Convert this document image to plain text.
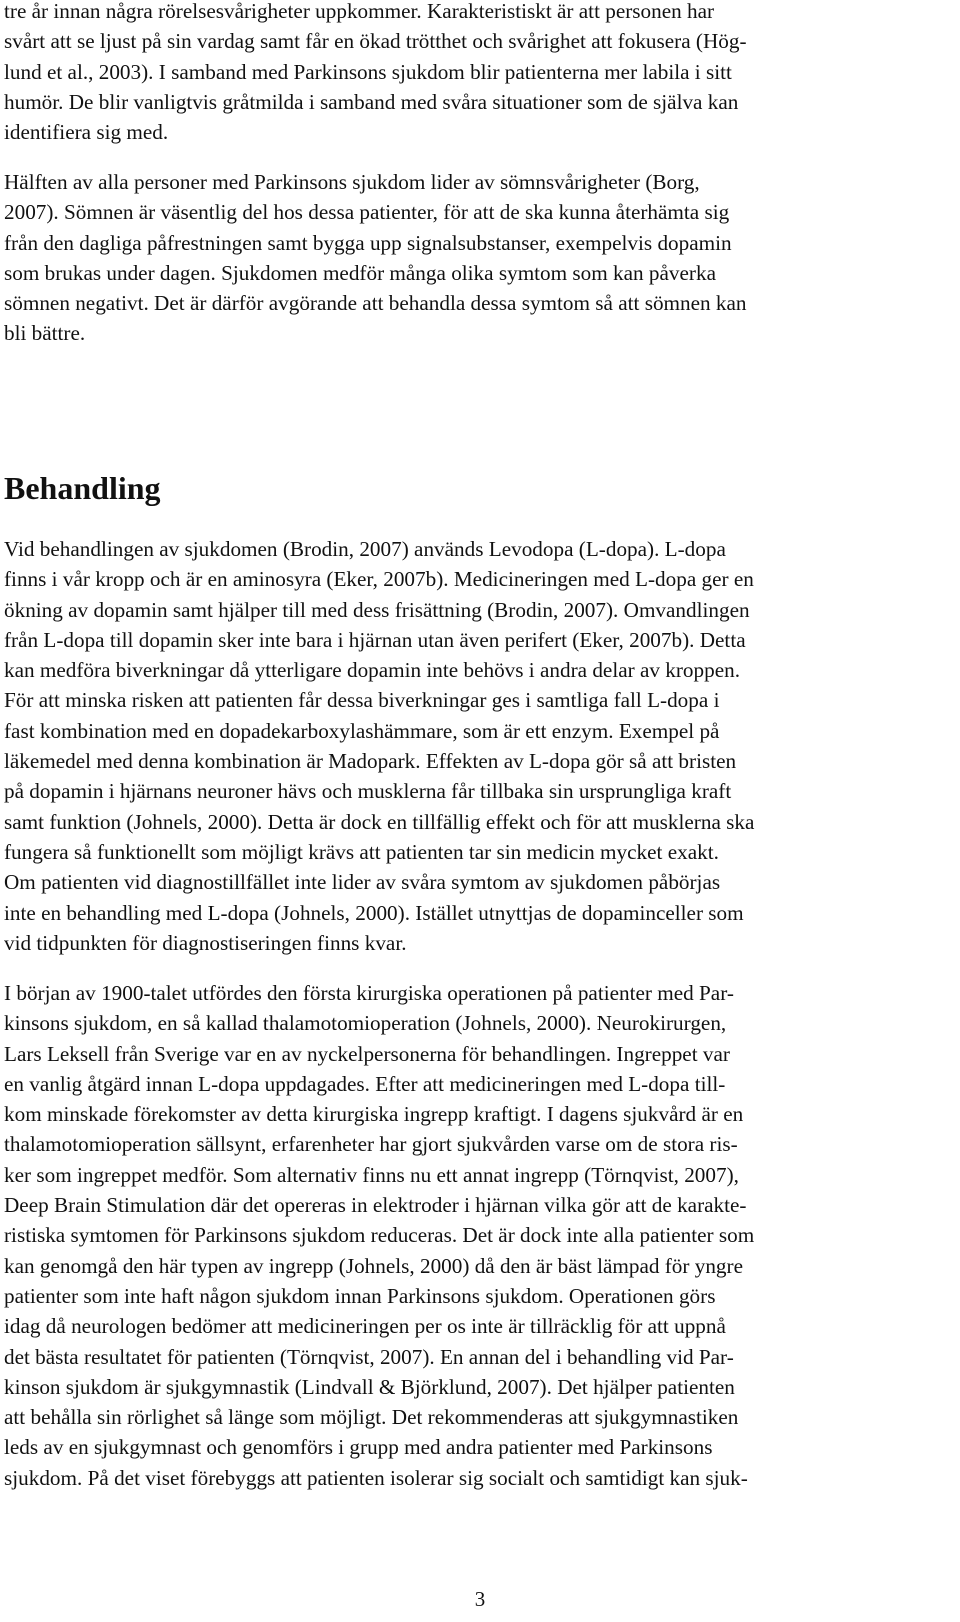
tre år innan några rörelsesvårigheter uppkommer. Karakteristiskt är att personen har
svårt att se ljust på sin vardag samt får en ökad trötthet och svårighet att fokusera (Hög-
lund et al., 2003). I samband med Parkinsons sjukdom blir patienterna mer labila i sitt
humör. De blir vanligtvis gråtmilda i samband med svåra situationer som de själva kan
identifiera sig med.

Hälften av alla personer med Parkinsons sjukdom lider av sömnsvårigheter (Borg,
2007). Sömnen är väsentlig del hos dessa patienter, för att de ska kunna återhämta sig
från den dagliga påfrestningen samt bygga upp signalsubstanser, exempelvis dopamin
som brukas under dagen. Sjukdomen medför många olika symtom som kan påverka
sömnen negativt. Det är därför avgörande att behandla dessa symtom så att sömnen kan
bli bättre.

Behandling

Vid behandlingen av sjukdomen (Brodin, 2007) används Levodopa (L-dopa). L-dopa
finns i vår kropp och är en aminosyra (Eker, 2007b). Medicineringen med L-dopa ger en
ökning av dopamin samt hjälper till med dess frisättning (Brodin, 2007). Omvandlingen
från L-dopa till dopamin sker inte bara i hjärnan utan även perifert (Eker, 2007b). Detta
kan medföra biverkningar då ytterligare dopamin inte behövs i andra delar av kroppen.
För att minska risken att patienten får dessa biverkningar ges i samtliga fall L-dopa i
fast kombination med en dopadekarboxylashämmare, som är ett enzym. Exempel på
läkemedel med denna kombination är Madopark. Effekten av L-dopa gör så att bristen
på dopamin i hjärnans neuroner hävs och musklerna får tillbaka sin ursprungliga kraft
samt funktion (Johnels, 2000). Detta är dock en tillfällig effekt och för att musklerna ska
fungera så funktionellt som möjligt krävs att patienten tar sin medicin mycket exakt.
Om patienten vid diagnostillfället inte lider av svåra symtom av sjukdomen påbörjas
inte en behandling med L-dopa (Johnels, 2000). Istället utnyttjas de dopaminceller som
vid tidpunkten för diagnostiseringen finns kvar.

I början av 1900-talet utfördes den första kirurgiska operationen på patienter med Par-
kinsons sjukdom, en så kallad thalamotomioperation (Johnels, 2000). Neurokirurgen,
Lars Leksell från Sverige var en av nyckelpersonerna för behandlingen. Ingreppet var
en vanlig åtgärd innan L-dopa uppdagades. Efter att medicineringen med L-dopa till-
kom minskade förekomster av detta kirurgiska ingrepp kraftigt. I dagens sjukvård är en
thalamotomioperation sällsynt, erfarenheter har gjort sjukvården varse om de stora ris-
ker som ingreppet medför. Som alternativ finns nu ett annat ingrepp (Törnqvist, 2007),
Deep Brain Stimulation där det opereras in elektroder i hjärnan vilka gör att de karakte-
ristiska symtomen för Parkinsons sjukdom reduceras. Det är dock inte alla patienter som
kan genomgå den här typen av ingrepp (Johnels, 2000) då den är bäst lämpad för yngre
patienter som inte haft någon sjukdom innan Parkinsons sjukdom. Operationen görs
idag då neurologen bedömer att medicineringen per os inte är tillräcklig för att uppnå
det bästa resultatet för patienten (Törnqvist, 2007). En annan del i behandling vid Par-
kinson sjukdom är sjukgymnastik (Lindvall & Björklund, 2007). Det hjälper patienten
att behålla sin rörlighet så länge som möjligt. Det rekommenderas att sjukgymnastiken
leds av en sjukgymnast och genomförs i grupp med andra patienter med Parkinsons
sjukdom. På det viset förebyggs att patienten isolerar sig socialt och samtidigt kan sjuk-

3
